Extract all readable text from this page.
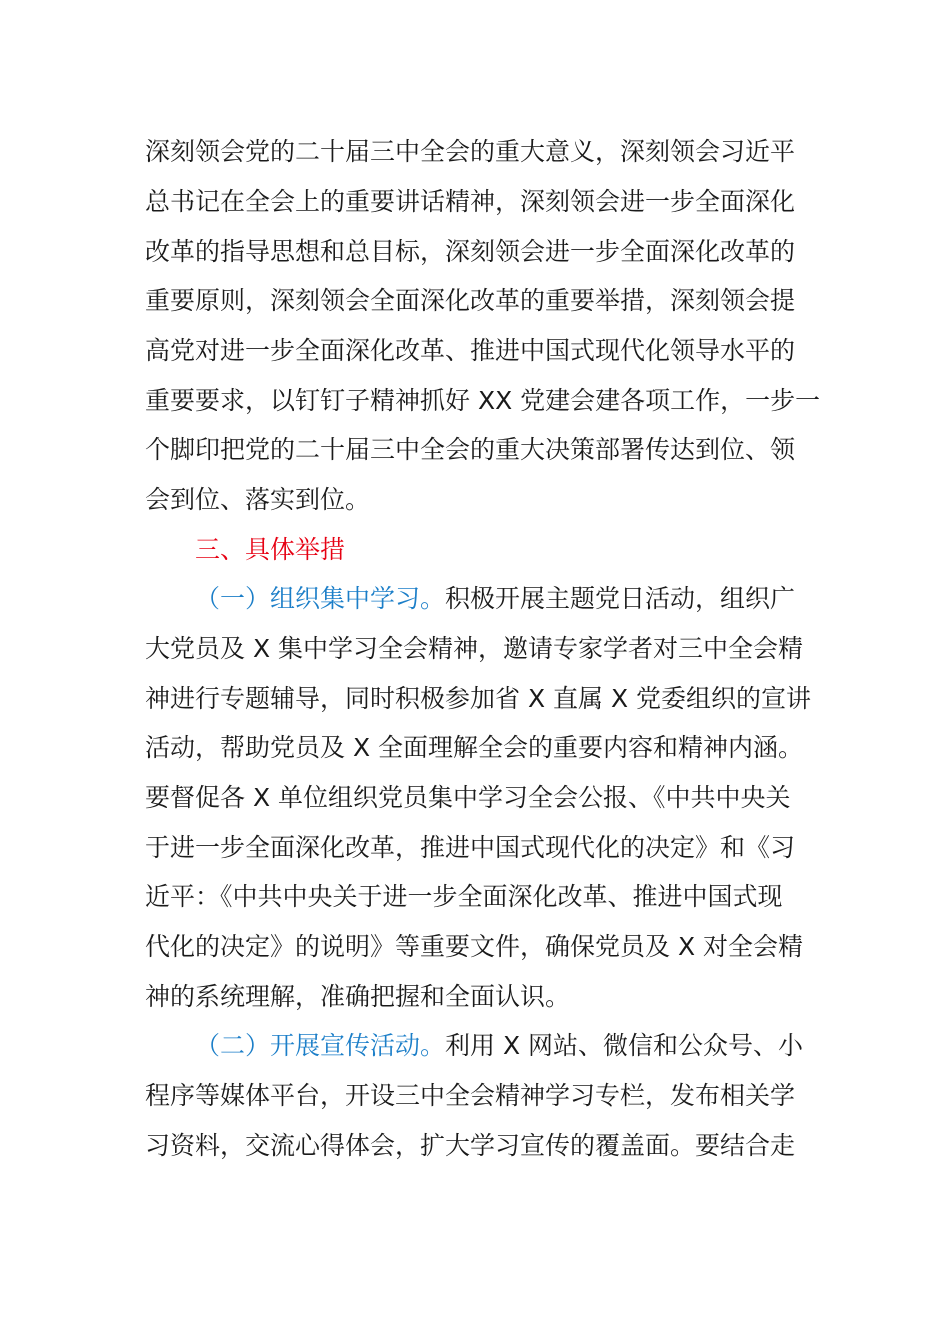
深刻领会党的二十届三中全会的重大意义，深刻领会习近平
总书记在全会上的重要讲话精神，深刻领会进一步全面深化
改革的指导思想和总目标，深刻领会进一步全面深化改革的
重要原则，深刻领会全面深化改革的重要举措，深刻领会提
高党对进一步全面深化改革、推进中国式现代化领导水平的
重要要求，以钉钉子精神抓好 XX 党建会建各项工作，一步一
个脚印把党的二十届三中全会的重大决策部署传达到位、领
会到位、落实到位。
三、具体举措
（一）组织集中学习。积极开展主题党日活动，组织广
大党员及 X 集中学习全会精神，邀请专家学者对三中全会精
神进行专题辅导，同时积极参加省 X 直属 X 党委组织的宣讲
活动，帮助党员及 X 全面理解全会的重要内容和精神内涵。
要督促各 X 单位组织党员集中学习全会公报、《中共中央关
于进一步全面深化改革，推进中国式现代化的决定》和《习
近平：《中共中央关于进一步全面深化改革、推进中国式现
代化的决定》的说明》等重要文件，确保党员及 X 对全会精
神的系统理解，准确把握和全面认识。
（二）开展宣传活动。利用 X 网站、微信和公众号、小
程序等媒体平台，开设三中全会精神学习专栏，发布相关学
习资料，交流心得体会，扩大学习宣传的覆盖面。要结合走
